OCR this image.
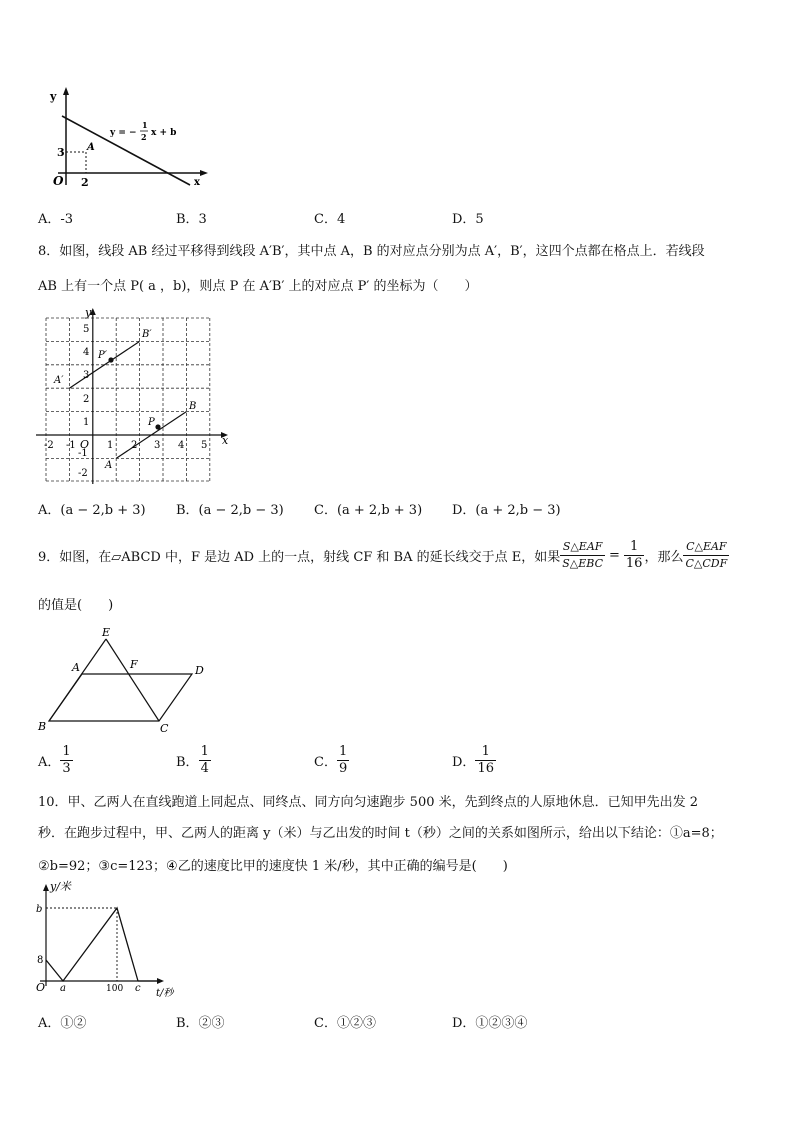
y
x
O
3
2
A
y = −
1
2 x + b
A．-3	B．3	C．4	D．5
8．如图，线段 AB 经过平移得到线段 A′B′，其中点 A，B 的对应点分别为点 A′，B′，这四个点都在格点上．若线段
AB 上有一个点 P( a ，b)，则点 P 在 A′B′ 上的对应点 P′ 的坐标为（　　）
y
x
O
-2 -1	1 2 3 4 5
5
4
3
2
1
-1
-2
A
B
P
A′
B′
P′
A．(a − 2,b + 3) B．(a − 2,b − 3) C．(a + 2,b + 3) D．(a + 2,b − 3)
9．如图，在▱ABCD 中，F 是边 AD 上的一点，射线 CF 和 BA 的延长线交于点 E，如果 $\frac{\text{S△EAF}}{\text{S△EBC}} = \frac{1}{16}$ ，那么 $\frac{\text{C△EAF}}{\text{C△CDF}}$
的值是(　　)
E
A	F	D
B	C
A． $\frac{1}{3}$	B． $\frac{1}{4}$	C． $\frac{1}{9}$	D． $\frac{1}{16}$
10．甲、乙两人在直线跑道上同起点、同终点、同方向匀速跑步 500 米，先到终点的人原地休息．已知甲先出发 2
秒．在跑步过程中，甲、乙两人的距离 y（米）与乙出发的时间 t（秒）之间的关系如图所示，给出以下结论：①a=8；
②b=92；③c=123；④乙的速度比甲的速度快 1 米/秒，其中正确的编号是(　　)
y/米
t/秒
O
b
8
a	100 c
A．①②	B．②③	C．①②③	D．①②③④
